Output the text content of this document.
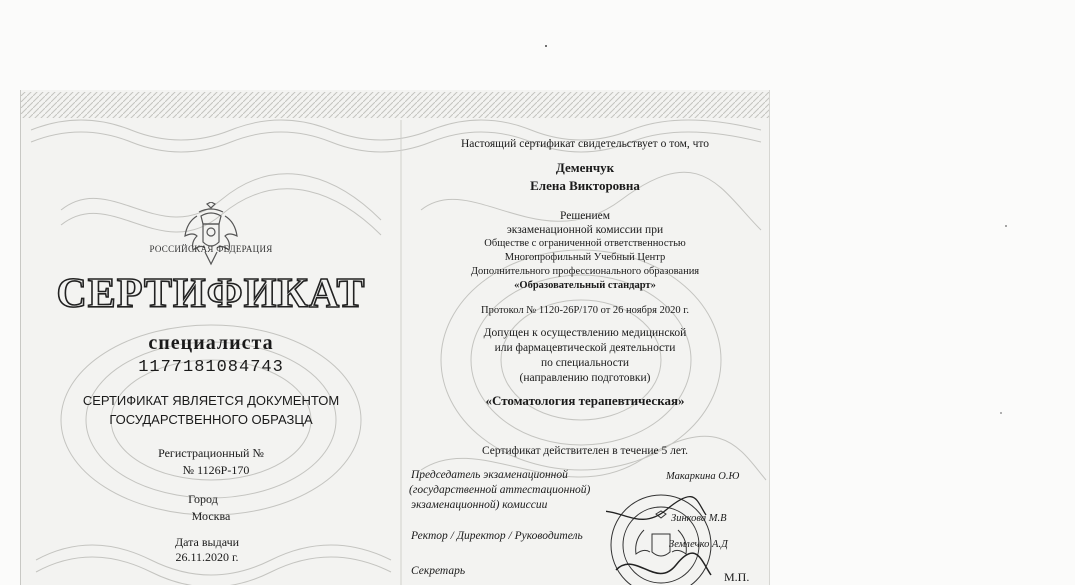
РОССИЙСКАЯ ФЕДЕРАЦИЯ
СЕРТИФИКАТ
специалиста
1177181084743
СЕРТИФИКАТ ЯВЛЯЕТСЯ ДОКУМЕНТОМ
ГОСУДАРСТВЕННОГО ОБРАЗЦА
Регистрационный №
№ 1126Р-170
Город
Москва
Дата выдачи
26.11.2020 г.
Настоящий сертификат свидетельствует о том, что
Деменчук
Елена Викторовна
Решением
экзаменационной комиссии при
Обществе с ограниченной ответственностью
Многопрофильный Учебный Центр
Дополнительного профессионального образования
«Образовательный стандарт»
Протокол № 1120-26Р/170 от 26 ноября 2020 г.
Допущен к осуществлению медицинской
или фармацевтической деятельности
по специальности
(направлению подготовки)
«Стоматология терапевтическая»
Сертификат действителен в течение 5 лет.
Председатель экзаменационной
(государственной аттестационной)
экзаменационной) комиссии
Макаркина О.Ю
Ректор / Директор / Руководитель
Зинкова М.В
Землечко А.Д
Секретарь	М.П.
